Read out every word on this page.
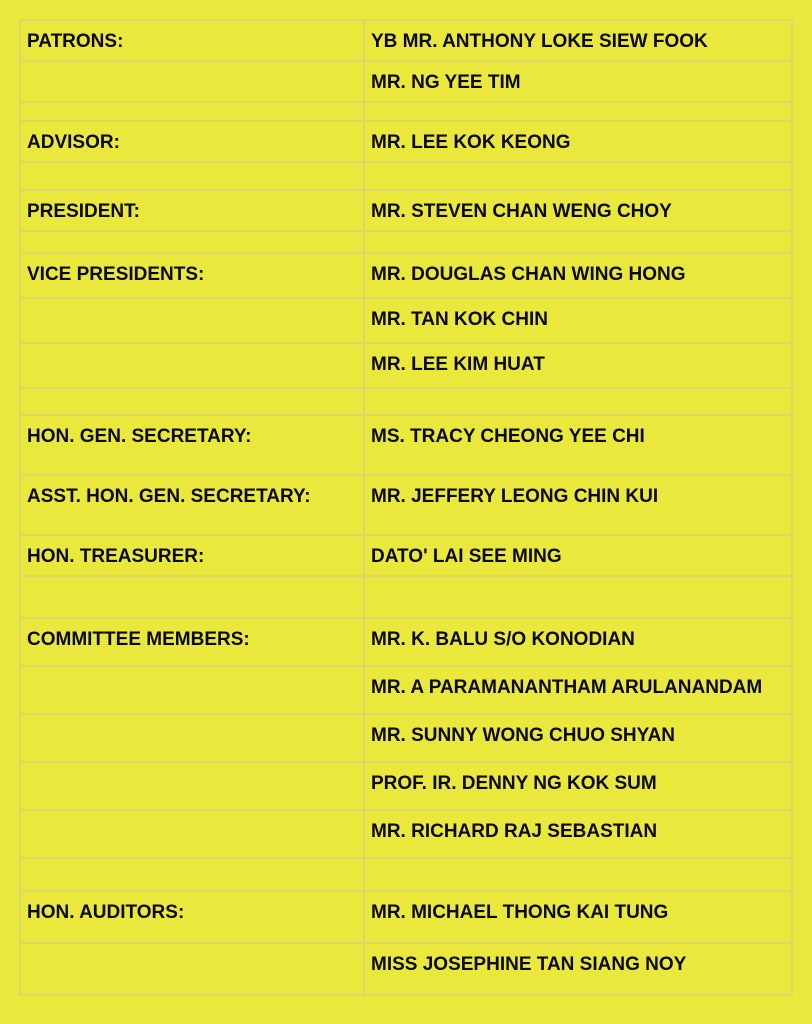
PATRONS:	YB MR. ANTHONY LOKE SIEW FOOK

	MR. NG YEE TIM

ADVISOR:	MR. LEE KOK KEONG

PRESIDENT:	MR. STEVEN CHAN WENG CHOY

VICE PRESIDENTS:	MR. DOUGLAS CHAN WING HONG

	MR. TAN KOK CHIN

	MR. LEE KIM HUAT

HON. GEN. SECRETARY:	MS. TRACY CHEONG YEE CHI

ASST. HON. GEN. SECRETARY:	MR. JEFFERY LEONG CHIN KUI

HON. TREASURER:	DATO' LAI SEE MING

COMMITTEE MEMBERS:	MR. K. BALU S/O KONODIAN

	MR. A PARAMANANTHAM ARULANANDAM

	MR. SUNNY WONG CHUO SHYAN

	PROF. IR. DENNY NG KOK SUM

	MR. RICHARD RAJ SEBASTIAN

HON. AUDITORS:	MR. MICHAEL THONG KAI TUNG

	MISS JOSEPHINE TAN SIANG NOY
